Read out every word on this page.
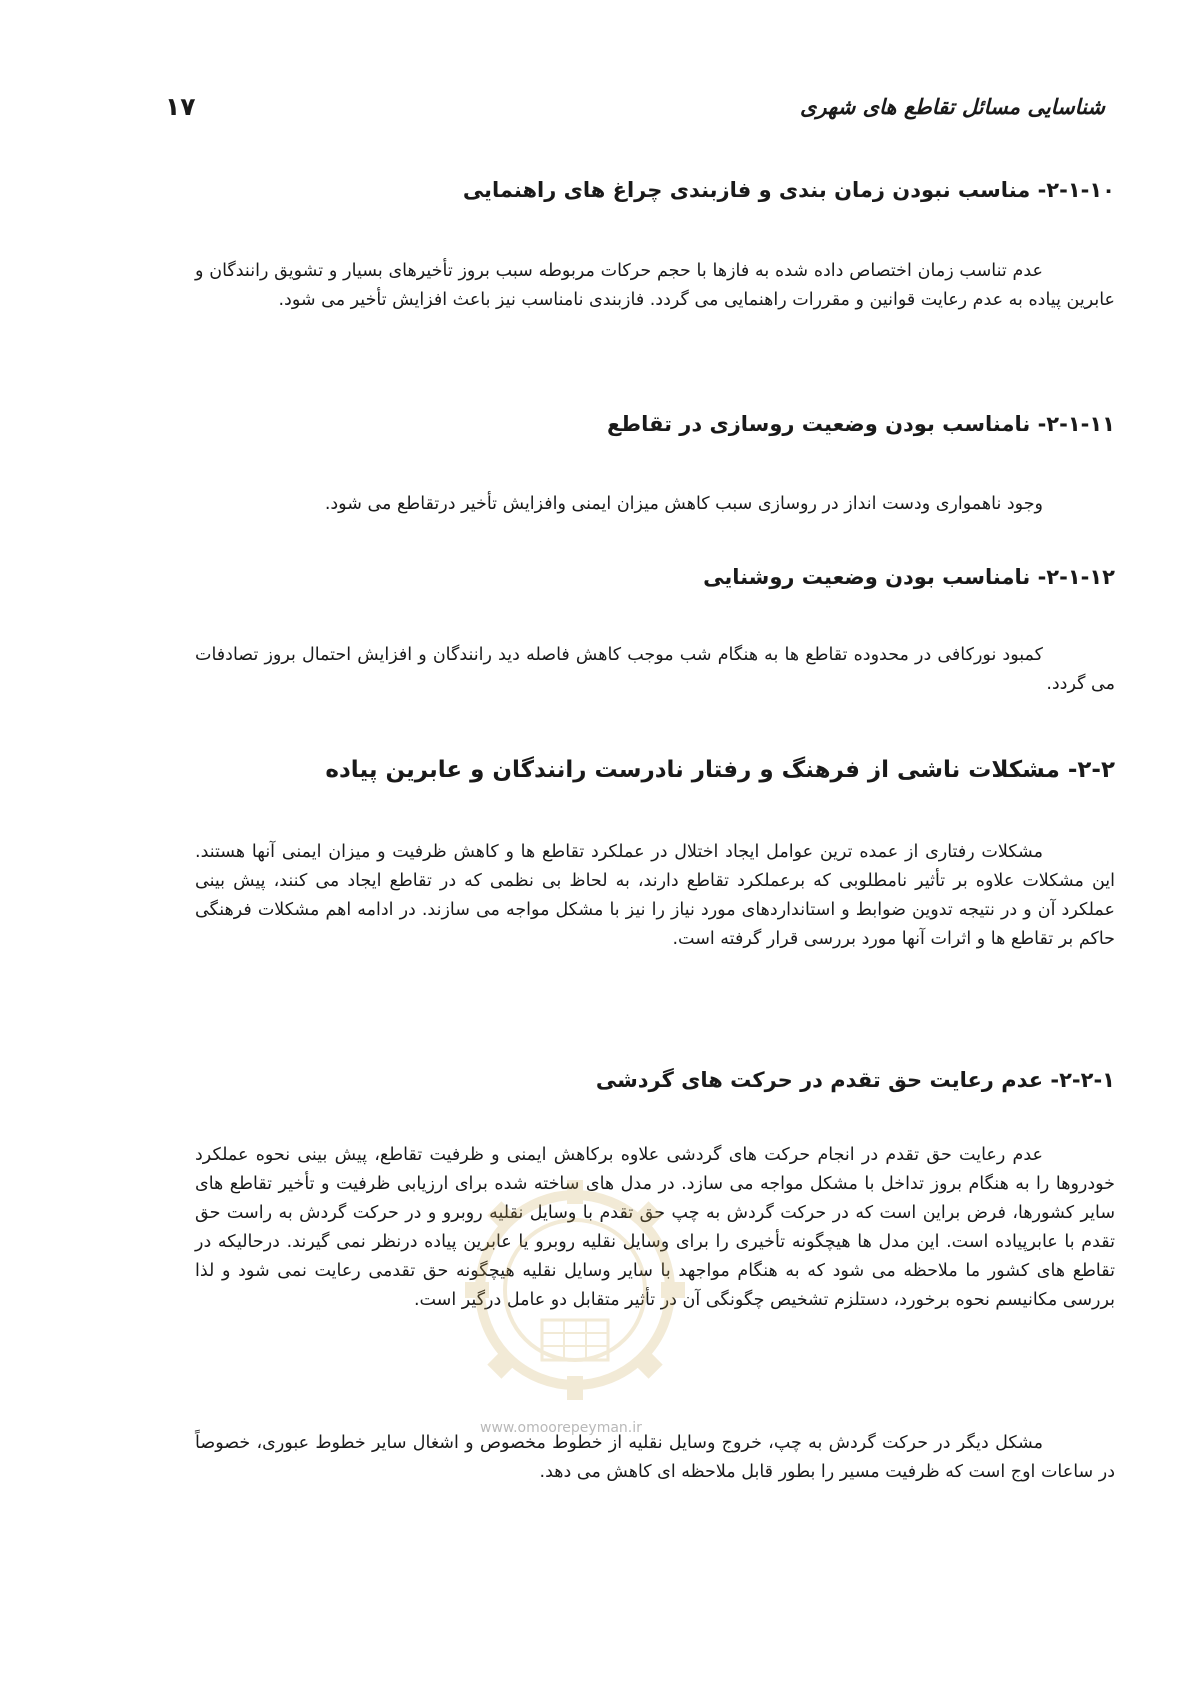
شناسایی مسائل تقاطع های شهری
۱۷
۲-۱-۱۰- مناسب نبودن زمان بندی و فازبندی چراغ های راهنمایی
عدم تناسب زمان اختصاص داده شده به فازها با حجم حرکات مربوطه سبب بروز تأخیرهای بسیار و تشویق رانندگان و عابرین پیاده به عدم رعایت قوانین و مقررات راهنمایی می گردد. فازبندی نامناسب نیز باعث افزایش تأخیر می شود.
۲-۱-۱۱- نامناسب بودن وضعیت روسازی در تقاطع
وجود ناهمواری ودست انداز در روسازی سبب کاهش میزان ایمنی وافزایش تأخیر درتقاطع می شود.
۲-۱-۱۲- نامناسب بودن وضعیت روشنایی
کمبود نورکافی در محدوده تقاطع ها به هنگام شب موجب کاهش فاصله دید رانندگان و افزایش احتمال بروز تصادفات می گردد.
۲-۲- مشکلات ناشی از فرهنگ و رفتار نادرست رانندگان و عابرین پیاده
مشکلات رفتاری از عمده ترین عوامل ایجاد اختلال در عملکرد تقاطع ها و کاهش ظرفیت و میزان ایمنی آنها هستند. این مشکلات علاوه بر تأثیر نامطلوبی که برعملکرد تقاطع دارند، به لحاظ بی نظمی که در تقاطع ایجاد می کنند، پیش بینی عملکرد آن و در نتیجه تدوین ضوابط و استانداردهای مورد نیاز را نیز با مشکل مواجه می سازند. در ادامه اهم مشکلات فرهنگی حاکم بر تقاطع ها و اثرات آنها مورد بررسی قرار گرفته است.
۲-۲-۱- عدم رعایت حق تقدم در حرکت های گردشی
عدم رعایت حق تقدم در انجام حرکت های گردشی علاوه برکاهش ایمنی و ظرفیت تقاطع، پیش بینی نحوه عملکرد خودروها را به هنگام بروز تداخل با مشکل مواجه می سازد. در مدل های ساخته شده برای ارزیابی ظرفیت و تأخیر تقاطع های سایر کشورها، فرض براین است که در حرکت گردش به چپ حق تقدم با وسایل نقلیه روبرو و در حرکت گردش به راست حق تقدم با عابرپیاده است. این مدل ها هیچگونه تأخیری را برای وسایل نقلیه روبرو یا عابرین پیاده درنظر نمی گیرند. درحالیکه در تقاطع های کشور ما ملاحظه می شود که به هنگام مواجهد با سایر وسایل نقلیه هیچگونه حق تقدمی رعایت نمی شود و لذا بررسی مکانیسم نحوه برخورد، دستلزم تشخیص چگونگی آن در تأثیر متقابل دو عامل درگیر است.
مشکل دیگر در حرکت گردش به چپ، خروج وسایل نقلیه از خطوط مخصوص و اشغال سایر خطوط عبوری، خصوصاً در ساعات اوج است که ظرفیت مسیر را بطور قابل ملاحظه ای کاهش می دهد.
www.omoorepeyman.ir
